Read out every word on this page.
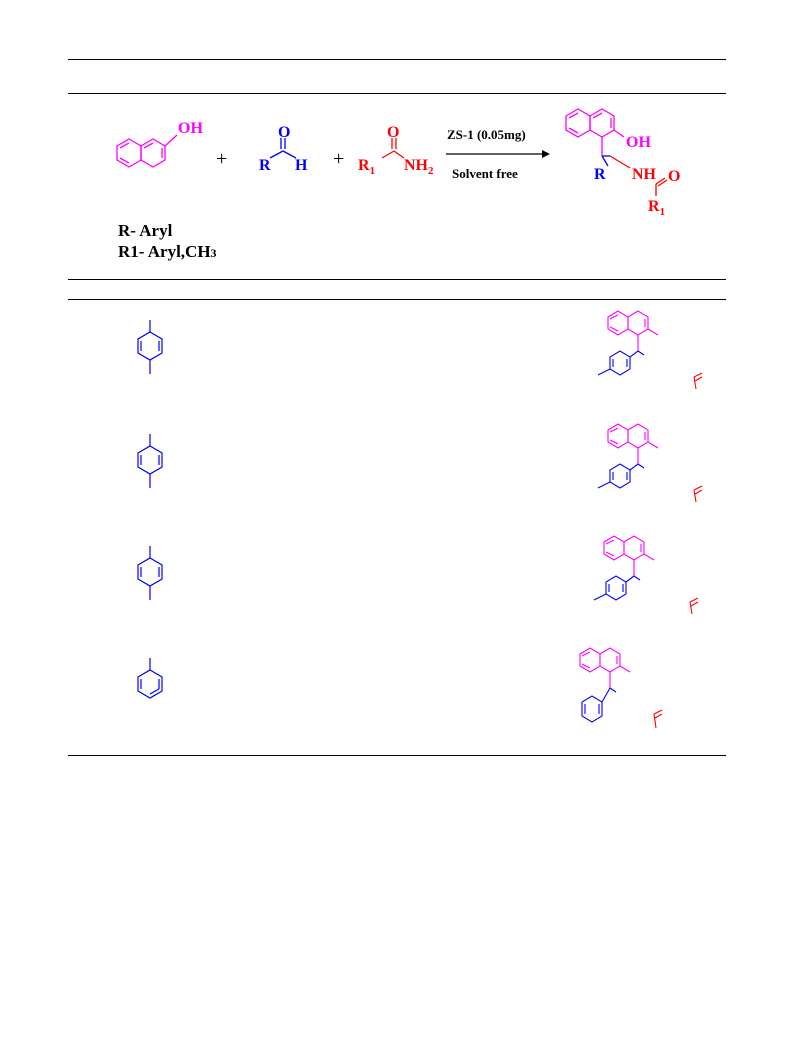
OH
+
O
R H +
O
$R_1$ $NH_2$
ZS-1 (0.05mg)
Solvent free
OH
R NH O
$R_1$
R- Aryl
R1- Aryl,CH3
